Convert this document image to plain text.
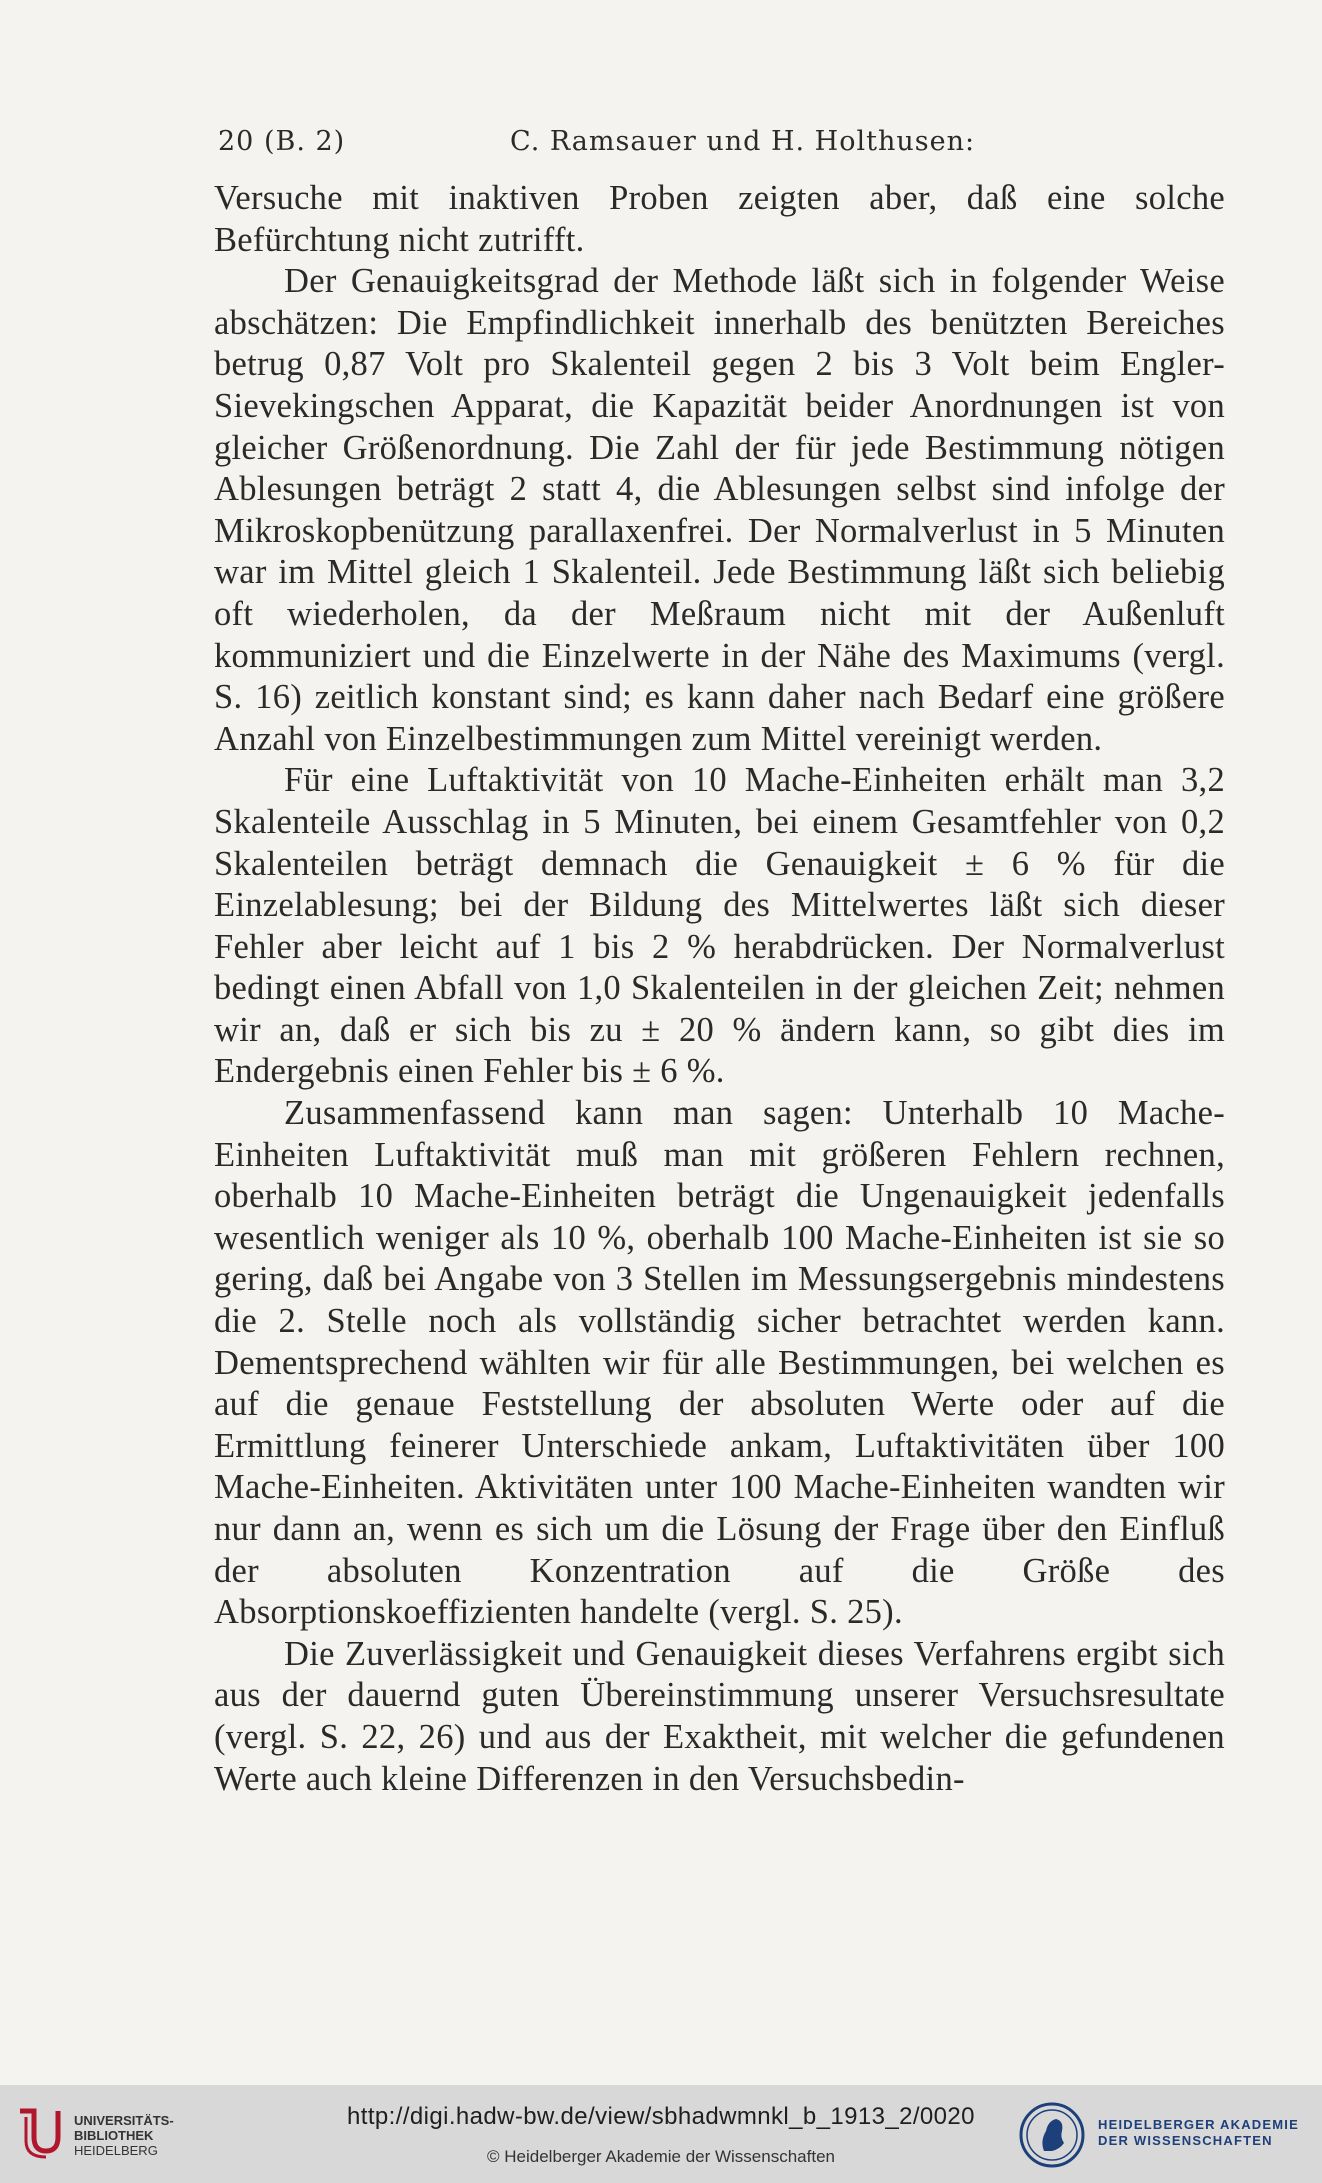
20 (B. 2)	C. Ramsauer und H. Holthusen:

Versuche mit inaktiven Proben zeigten aber, daß eine solche Befürchtung nicht zutrifft.

Der Genauigkeitsgrad der Methode läßt sich in folgender Weise abschätzen: Die Empfindlichkeit innerhalb des benützten Bereiches betrug 0,87 Volt pro Skalenteil gegen 2 bis 3 Volt beim Engler-Sievekingschen Apparat, die Kapazität beider Anordnungen ist von gleicher Größenordnung. Die Zahl der für jede Bestimmung nötigen Ablesungen beträgt 2 statt 4, die Ablesungen selbst sind infolge der Mikroskopbenützung parallaxenfrei. Der Normalverlust in 5 Minuten war im Mittel gleich 1 Skalenteil. Jede Bestimmung läßt sich beliebig oft wiederholen, da der Meßraum nicht mit der Außenluft kommuniziert und die Einzelwerte in der Nähe des Maximums (vergl. S. 16) zeitlich konstant sind; es kann daher nach Bedarf eine größere Anzahl von Einzelbestimmungen zum Mittel vereinigt werden.

Für eine Luftaktivität von 10 Mache-Einheiten erhält man 3,2 Skalenteile Ausschlag in 5 Minuten, bei einem Gesamtfehler von 0,2 Skalenteilen beträgt demnach die Genauigkeit ± 6 % für die Einzelablesung; bei der Bildung des Mittelwertes läßt sich dieser Fehler aber leicht auf 1 bis 2 % herabdrücken. Der Normalverlust bedingt einen Abfall von 1,0 Skalenteilen in der gleichen Zeit; nehmen wir an, daß er sich bis zu ± 20 % ändern kann, so gibt dies im Endergebnis einen Fehler bis ± 6 %.

Zusammenfassend kann man sagen: Unterhalb 10 Mache-Einheiten Luftaktivität muß man mit größeren Fehlern rechnen, oberhalb 10 Mache-Einheiten beträgt die Ungenauigkeit jedenfalls wesentlich weniger als 10 %, oberhalb 100 Mache-Einheiten ist sie so gering, daß bei Angabe von 3 Stellen im Messungsergebnis mindestens die 2. Stelle noch als vollständig sicher betrachtet werden kann. Dementsprechend wählten wir für alle Bestimmungen, bei welchen es auf die genaue Feststellung der absoluten Werte oder auf die Ermittlung feinerer Unterschiede ankam, Luftaktivitäten über 100 Mache-Einheiten. Aktivitäten unter 100 Mache-Einheiten wandten wir nur dann an, wenn es sich um die Lösung der Frage über den Einfluß der absoluten Konzentration auf die Größe des Absorptionskoeffizienten handelte (vergl. S. 25).

Die Zuverlässigkeit und Genauigkeit dieses Verfahrens ergibt sich aus der dauernd guten Übereinstimmung unserer Versuchsresultate (vergl. S. 22, 26) und aus der Exaktheit, mit welcher die gefundenen Werte auch kleine Differenzen in den Versuchsbedin-

UNIVERSITÄTS-
BIBLIOTHEK
HEIDELBERG
http://digi.hadw-bw.de/view/sbhadwmnkl_b_1913_2/0020
© Heidelberger Akademie der Wissenschaften
HEIDELBERGER AKADEMIE
DER WISSENSCHAFTEN
